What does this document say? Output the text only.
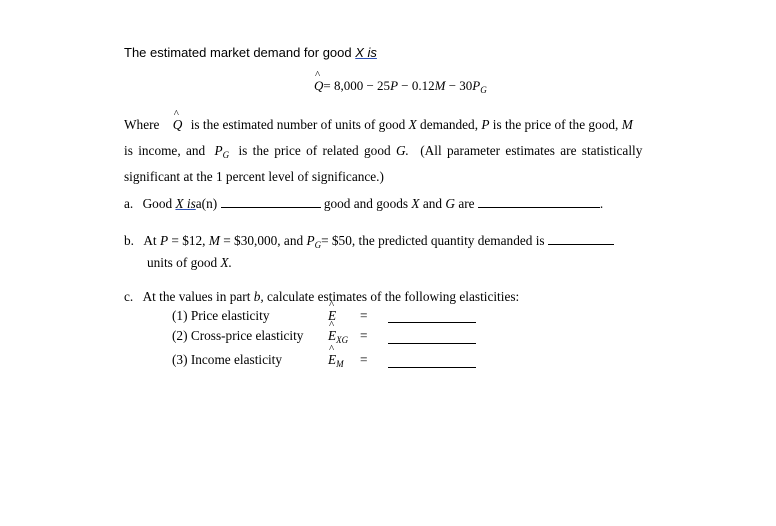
The estimated market demand for good X is
^ $Q= 8,000 - 25P - 0.12M - 30P_G$
Where ^ Q is the estimated number of units of good X demanded, P is the price of the good, M
is income, and $P_G$ is the price of related good G. (All parameter estimates are statistically
significant at the 1 percent level of significance.)
a. Good X isa(n)	good and goods X and G are	.
b. At P = $12, M = $30,000, and $P_G=$ $50, the predicted quantity demanded is
units of good X.
c. At the values in part b, calculate estimates of the following elasticities:
(1) Price elasticity	^ E =
(2) Cross-price elasticity ^ $E_{XG}$ =
(3) Income elasticity	^ $E_M$ =
